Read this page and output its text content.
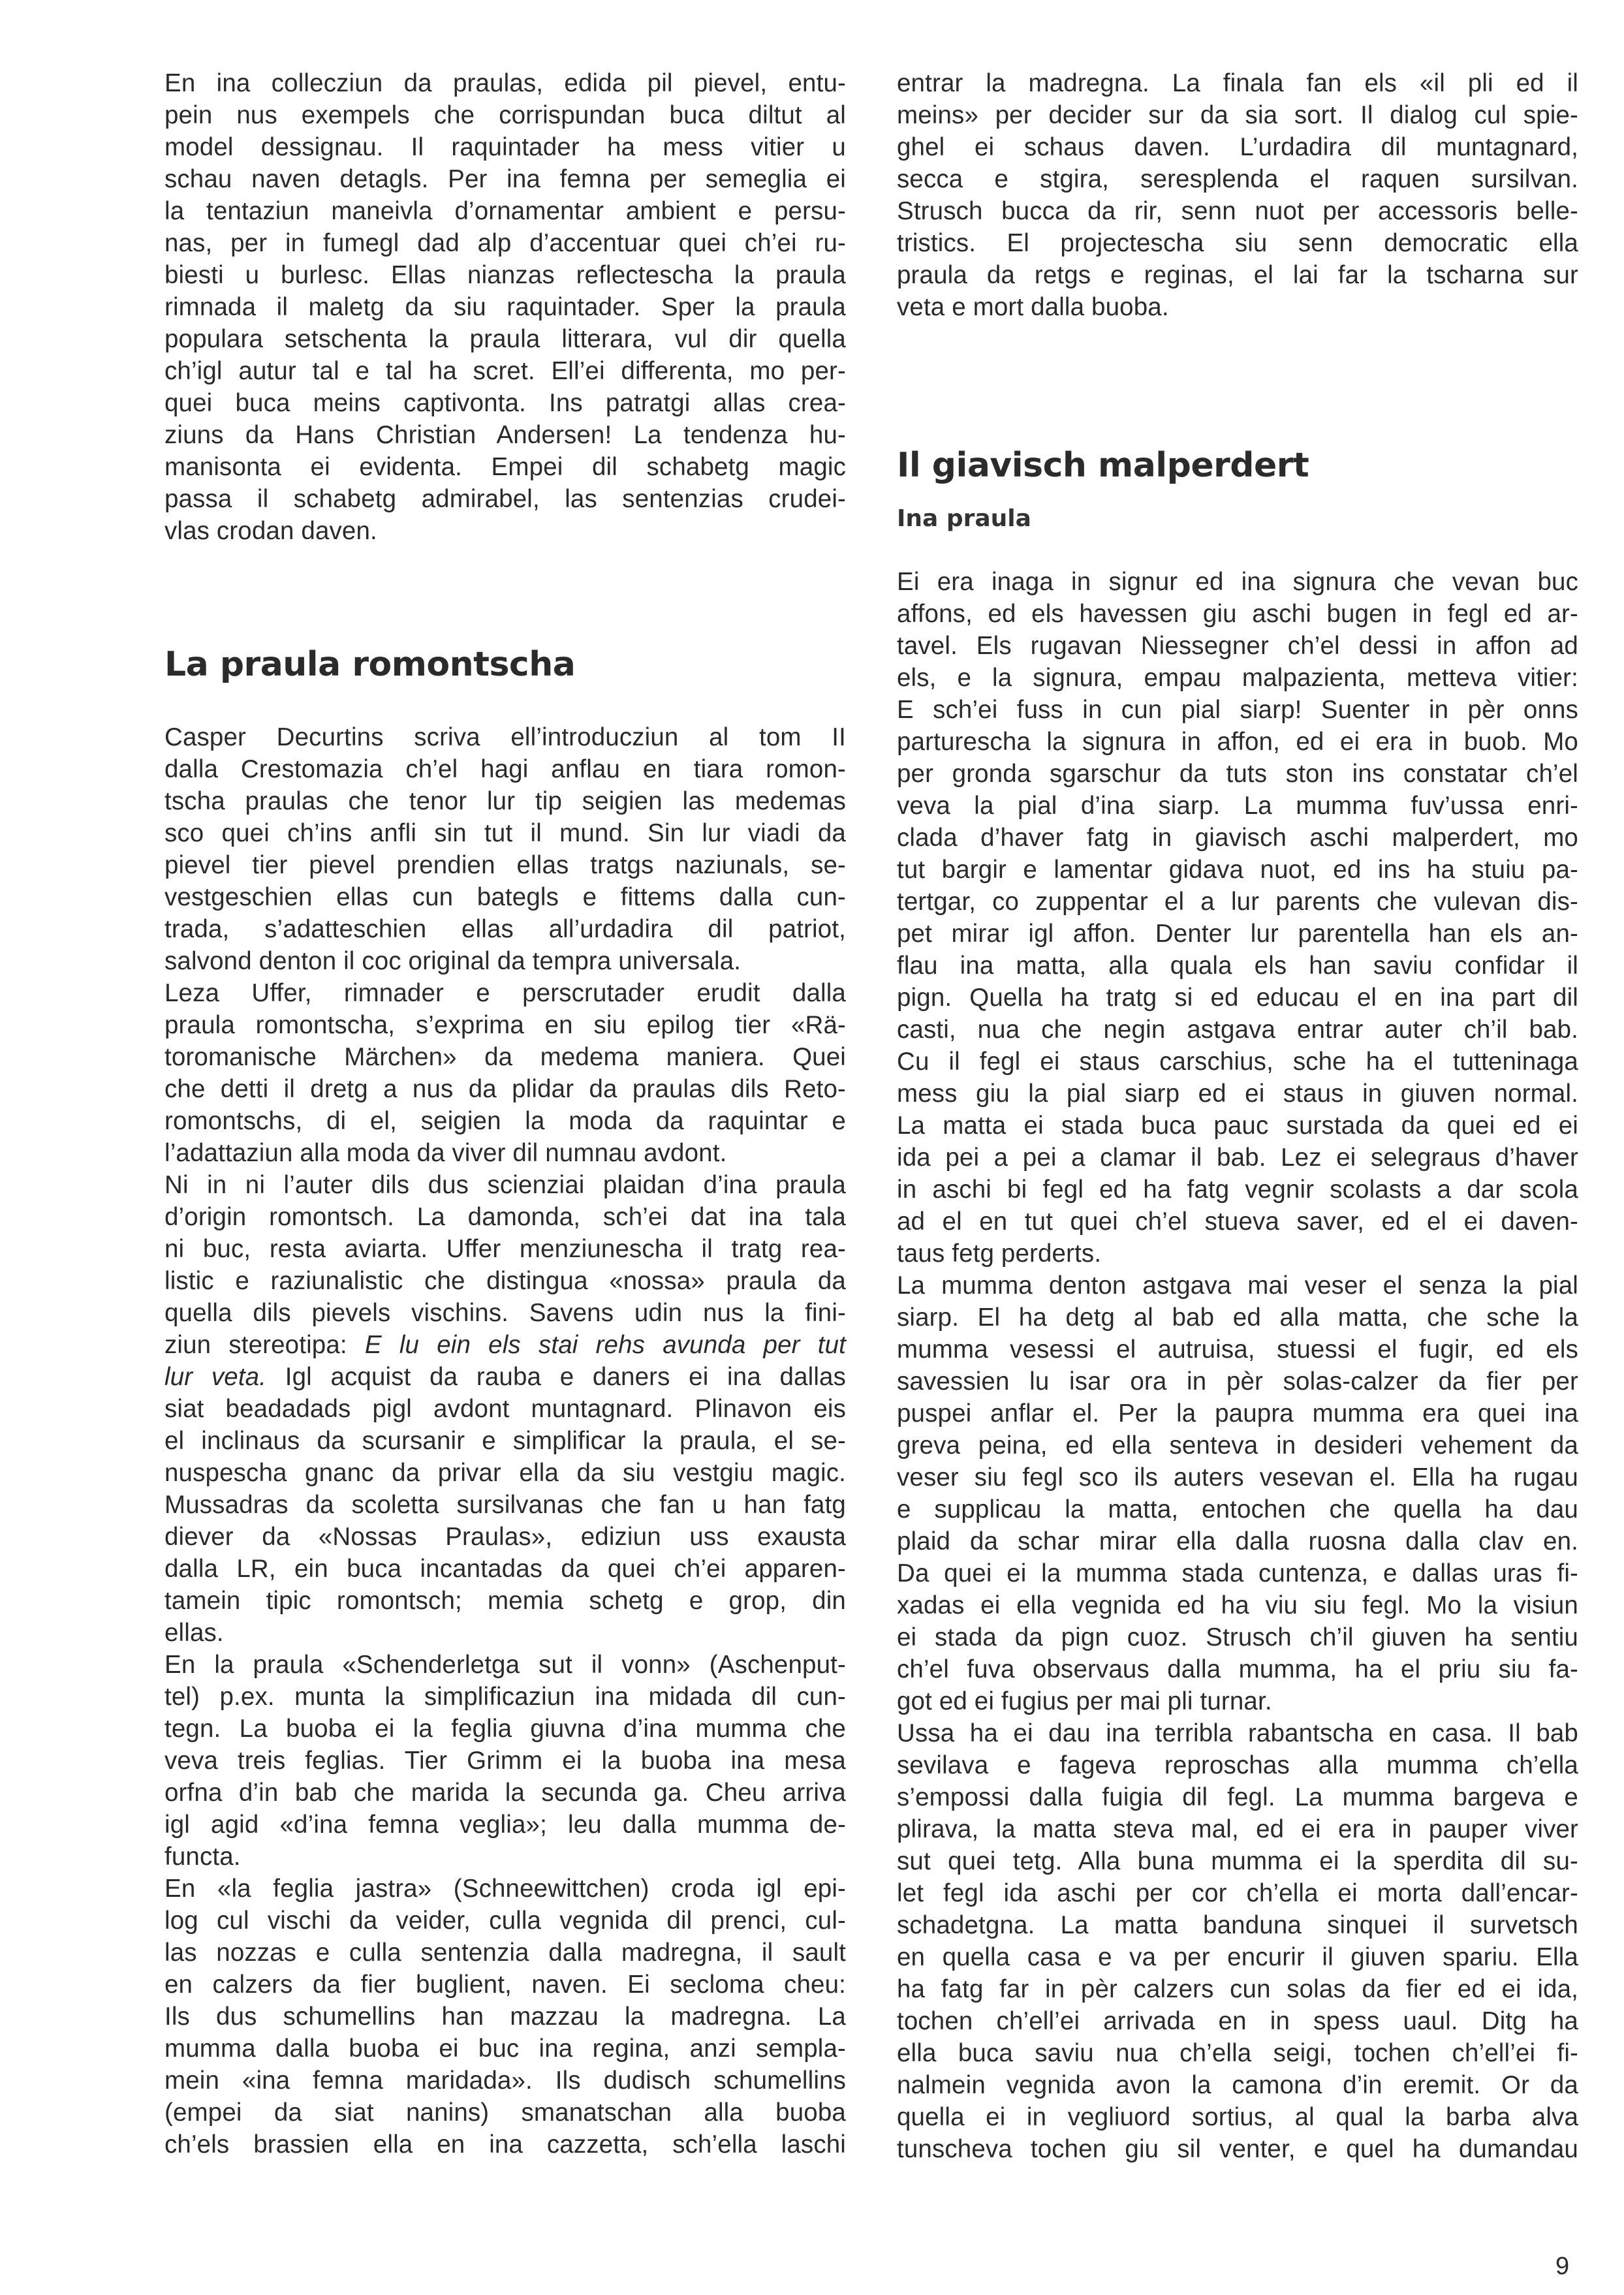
En ina collecziun da praulas, edida pil pievel, entu-
pein nus exempels che corrispundan buca diltut al
model dessignau. Il raquintader ha mess vitier u
schau naven detagls. Per ina femna per semeglia ei
la tentaziun maneivla d’ornamentar ambient e persu-
nas, per in fumegl dad alp d’accentuar quei ch’ei ru-
biesti u burlesc. Ellas nianzas reflectescha la praula
rimnada il maletg da siu raquintader. Sper la praula
populara setschenta la praula litterara, vul dir quella
ch’igl autur tal e tal ha scret. Ell’ei differenta, mo per-
quei buca meins captivonta. Ins patratgi allas crea-
ziuns da Hans Christian Andersen! La tendenza hu-
manisonta ei evidenta. Empei dil schabetg magic
passa il schabetg admirabel, las sentenzias crudei-
vlas crodan daven.
La praula romontscha
Casper Decurtins scriva ell’introducziun al tom II
dalla Crestomazia ch’el hagi anflau en tiara romon-
tscha praulas che tenor lur tip seigien las medemas
sco quei ch’ins anfli sin tut il mund. Sin lur viadi da
pievel tier pievel prendien ellas tratgs naziunals, se-
vestgeschien ellas cun bategls e fittems dalla cun-
trada, s’adatteschien ellas all’urdadira dil patriot,
salvond denton il coc original da tempra universala.
Leza Uffer, rimnader e perscrutader erudit dalla
praula romontscha, s’exprima en siu epilog tier «Rä-
toromanische Märchen» da medema maniera. Quei
che detti il dretg a nus da plidar da praulas dils Reto-
romontschs, di el, seigien la moda da raquintar e
l’adattaziun alla moda da viver dil numnau avdont.
Ni in ni l’auter dils dus scienziai plaidan d’ina praula
d’origin romontsch. La damonda, sch’ei dat ina tala
ni buc, resta aviarta. Uffer menziunescha il tratg rea-
listic e raziunalistic che distingua «nossa» praula da
quella dils pievels vischins. Savens udin nus la fini-
ziun stereotipa: E lu ein els stai rehs avunda per tut
lur veta. Igl acquist da rauba e daners ei ina dallas
siat beadadads pigl avdont muntagnard. Plinavon eis
el inclinaus da scursanir e simplificar la praula, el se-
nuspescha gnanc da privar ella da siu vestgiu magic.
Mussadras da scoletta sursilvanas che fan u han fatg
diever da «Nossas Praulas», ediziun uss exausta
dalla LR, ein buca incantadas da quei ch’ei apparen-
tamein tipic romontsch; memia schetg e grop, din
ellas.
En la praula «Schenderletga sut il vonn» (Aschenput-
tel) p.ex. munta la simplificaziun ina midada dil cun-
tegn. La buoba ei la feglia giuvna d’ina mumma che
veva treis feglias. Tier Grimm ei la buoba ina mesa
orfna d’in bab che marida la secunda ga. Cheu arriva
igl agid «d’ina femna veglia»; leu dalla mumma de-
functa.
En «la feglia jastra» (Schneewittchen) croda igl epi-
log cul vischi da veider, culla vegnida dil prenci, cul-
las nozzas e culla sentenzia dalla madregna, il sault
en calzers da fier buglient, naven. Ei secloma cheu:
Ils dus schumellins han mazzau la madregna. La
mumma dalla buoba ei buc ina regina, anzi sempla-
mein «ina femna maridada». Ils dudisch schumellins
(empei da siat nanins) smanatschan alla buoba
ch’els brassien ella en ina cazzetta, sch’ella laschi
entrar la madregna. La finala fan els «il pli ed il
meins» per decider sur da sia sort. Il dialog cul spie-
ghel ei schaus daven. L’urdadira dil muntagnard,
secca e stgira, seresplenda el raquen sursilvan.
Strusch bucca da rir, senn nuot per accessoris belle-
tristics. El projectescha siu senn democratic ella
praula da retgs e reginas, el lai far la tscharna sur
veta e mort dalla buoba.
Il giavisch malperdert
Ina praula
Ei era inaga in signur ed ina signura che vevan buc
affons, ed els havessen giu aschi bugen in fegl ed ar-
tavel. Els rugavan Niessegner ch’el dessi in affon ad
els, e la signura, empau malpazienta, metteva vitier:
E sch’ei fuss in cun pial siarp! Suenter in pèr onns
parturescha la signura in affon, ed ei era in buob. Mo
per gronda sgarschur da tuts ston ins constatar ch’el
veva la pial d’ina siarp. La mumma fuv’ussa enri-
clada d’haver fatg in giavisch aschi malperdert, mo
tut bargir e lamentar gidava nuot, ed ins ha stuiu pa-
tertgar, co zuppentar el a lur parents che vulevan dis-
pet mirar igl affon. Denter lur parentella han els an-
flau ina matta, alla quala els han saviu confidar il
pign. Quella ha tratg si ed educau el en ina part dil
casti, nua che negin astgava entrar auter ch’il bab.
Cu il fegl ei staus carschius, sche ha el tutteninaga
mess giu la pial siarp ed ei staus in giuven normal.
La matta ei stada buca pauc surstada da quei ed ei
ida pei a pei a clamar il bab. Lez ei selegraus d’haver
in aschi bi fegl ed ha fatg vegnir scolasts a dar scola
ad el en tut quei ch’el stueva saver, ed el ei daven-
taus fetg perderts.
La mumma denton astgava mai veser el senza la pial
siarp. El ha detg al bab ed alla matta, che sche la
mumma vesessi el autruisa, stuessi el fugir, ed els
savessien lu isar ora in pèr solas-calzer da fier per
puspei anflar el. Per la paupra mumma era quei ina
greva peina, ed ella senteva in desideri vehement da
veser siu fegl sco ils auters vesevan el. Ella ha rugau
e supplicau la matta, entochen che quella ha dau
plaid da schar mirar ella dalla ruosna dalla clav en.
Da quei ei la mumma stada cuntenza, e dallas uras fi-
xadas ei ella vegnida ed ha viu siu fegl. Mo la visiun
ei stada da pign cuoz. Strusch ch’il giuven ha sentiu
ch’el fuva observaus dalla mumma, ha el priu siu fa-
got ed ei fugius per mai pli turnar.
Ussa ha ei dau ina terribla rabantscha en casa. Il bab
sevilava e fageva reproschas alla mumma ch’ella
s’empossi dalla fuigia dil fegl. La mumma bargeva e
plirava, la matta steva mal, ed ei era in pauper viver
sut quei tetg. Alla buna mumma ei la sperdita dil su-
let fegl ida aschi per cor ch’ella ei morta dall’encar-
schadetgna. La matta banduna sinquei il survetsch
en quella casa e va per encurir il giuven spariu. Ella
ha fatg far in pèr calzers cun solas da fier ed ei ida,
tochen ch’ell’ei arrivada en in spess uaul. Ditg ha
ella buca saviu nua ch’ella seigi, tochen ch’ell’ei fi-
nalmein vegnida avon la camona d’in eremit. Or da
quella ei in vegliuord sortius, al qual la barba alva
tunscheva tochen giu sil venter, e quel ha dumandau
9
